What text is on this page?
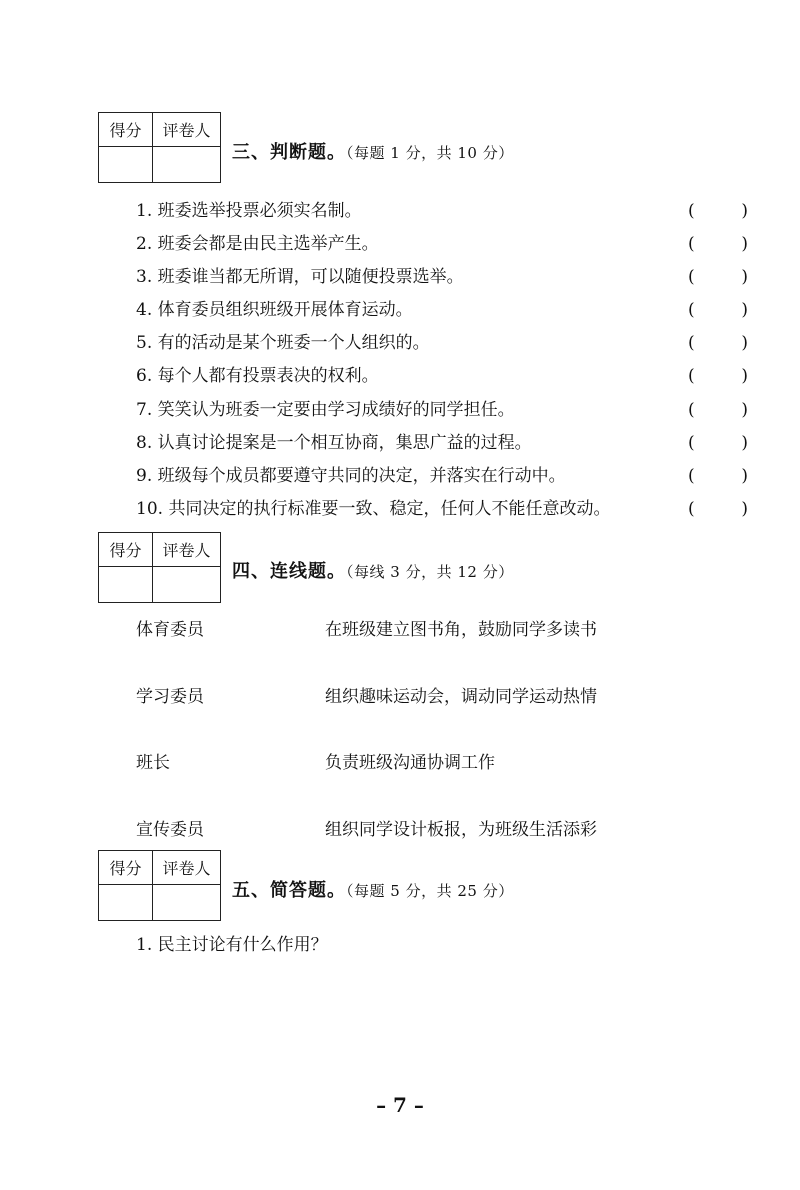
得分	评卷人

三、判断题。（每题 1 分，共 10 分）
1. 班委选举投票必须实名制。	(	)
2. 班委会都是由民主选举产生。	(	)
3. 班委谁当都无所谓，可以随便投票选举。	(	)
4. 体育委员组织班级开展体育运动。	(	)
5. 有的活动是某个班委一个人组织的。	(	)
6. 每个人都有投票表决的权利。	(	)
7. 笑笑认为班委一定要由学习成绩好的同学担任。	(	)
8. 认真讨论提案是一个相互协商，集思广益的过程。	(	)
9. 班级每个成员都要遵守共同的决定，并落实在行动中。	(	)
10. 共同决定的执行标准要一致、稳定，任何人不能任意改动。	(	)
得分	评卷人

四、连线题。（每线 3 分，共 12 分）
体育委员	在班级建立图书角，鼓励同学多读书
学习委员	组织趣味运动会，调动同学运动热情
班长	负责班级沟通协调工作
宣传委员	组织同学设计板报，为班级生活添彩
得分	评卷人

五、简答题。（每题 5 分，共 25 分）
1. 民主讨论有什么作用？
– 7 –
